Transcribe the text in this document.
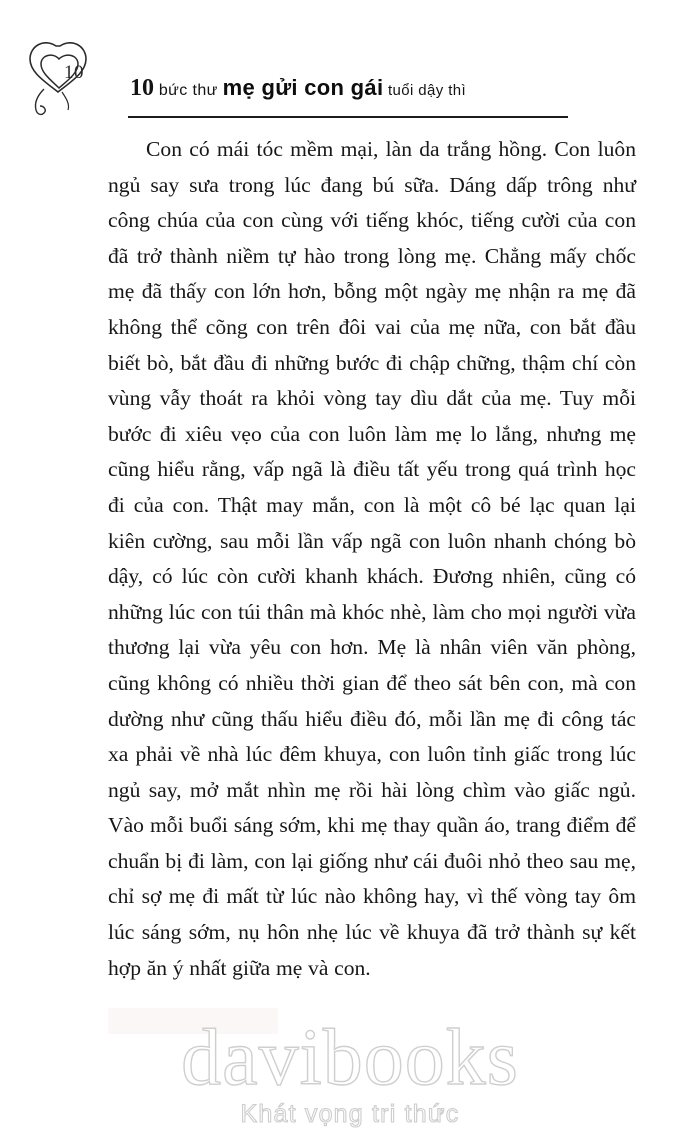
10
10 bức thư mẹ gửi con gái tuổi dậy thì
Con có mái tóc mềm mại, làn da trắng hồng. Con luôn ngủ say sưa trong lúc đang bú sữa. Dáng dấp trông như công chúa của con cùng với tiếng khóc, tiếng cười của con đã trở thành niềm tự hào trong lòng mẹ. Chẳng mấy chốc mẹ đã thấy con lớn hơn, bỗng một ngày mẹ nhận ra mẹ đã không thể cõng con trên đôi vai của mẹ nữa, con bắt đầu biết bò, bắt đầu đi những bước đi chập chững, thậm chí còn vùng vẫy thoát ra khỏi vòng tay dìu dắt của mẹ. Tuy mỗi bước đi xiêu vẹo của con luôn làm mẹ lo lắng, nhưng mẹ cũng hiểu rằng, vấp ngã là điều tất yếu trong quá trình học đi của con. Thật may mắn, con là một cô bé lạc quan lại kiên cường, sau mỗi lần vấp ngã con luôn nhanh chóng bò dậy, có lúc còn cười khanh khách. Đương nhiên, cũng có những lúc con túi thân mà khóc nhè, làm cho mọi người vừa thương lại vừa yêu con hơn. Mẹ là nhân viên văn phòng, cũng không có nhiều thời gian để theo sát bên con, mà con dường như cũng thấu hiểu điều đó, mỗi lần mẹ đi công tác xa phải về nhà lúc đêm khuya, con luôn tỉnh giấc trong lúc ngủ say, mở mắt nhìn mẹ rồi hài lòng chìm vào giấc ngủ. Vào mỗi buổi sáng sớm, khi mẹ thay quần áo, trang điểm để chuẩn bị đi làm, con lại giống như cái đuôi nhỏ theo sau mẹ, chỉ sợ mẹ đi mất từ lúc nào không hay, vì thế vòng tay ôm lúc sáng sớm, nụ hôn nhẹ lúc về khuya đã trở thành sự kết hợp ăn ý nhất giữa mẹ và con.
davibooks
Khát vọng tri thức
